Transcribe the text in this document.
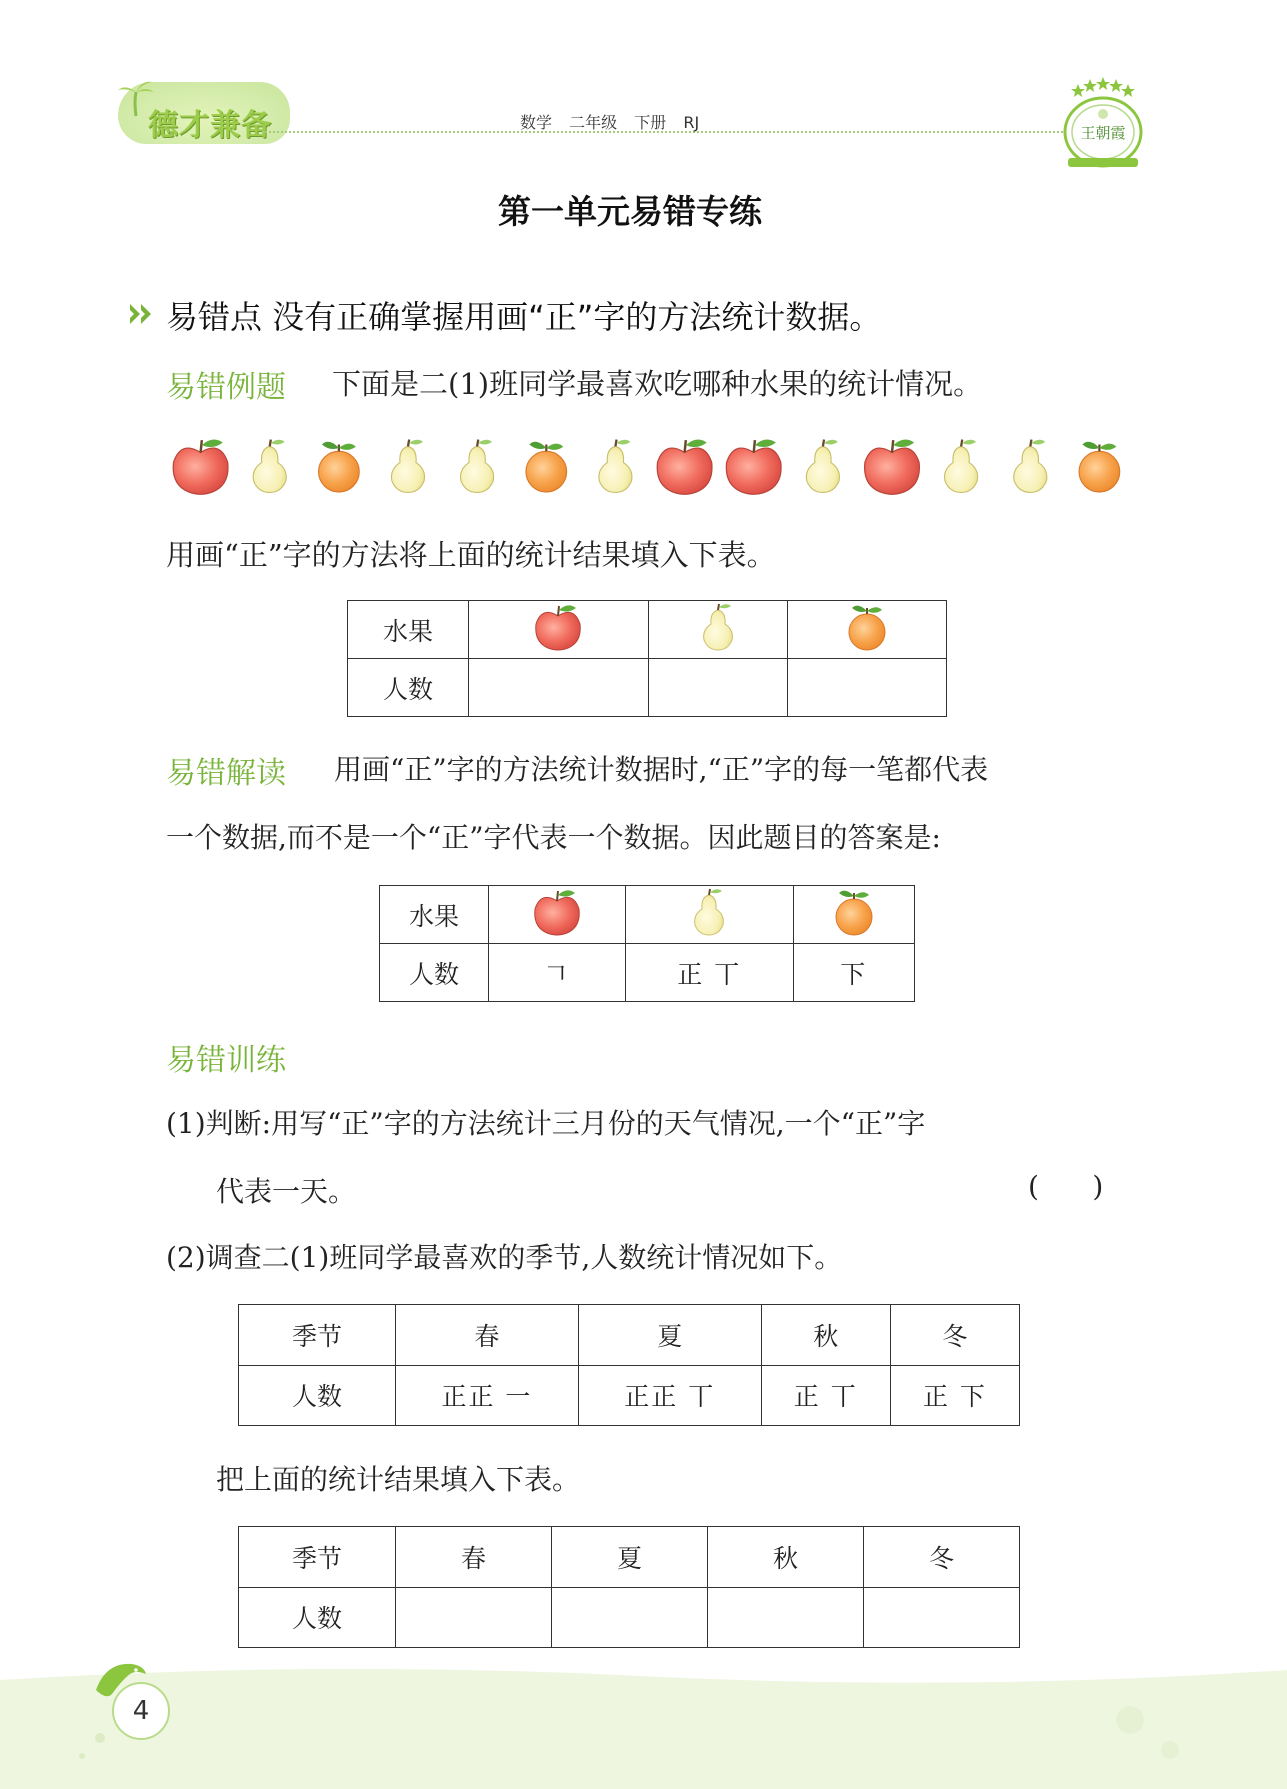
德才兼备	数学 二年级 下册 RJ
王朝霞
第一单元易错专练
易错点 没有正确掌握用画“正”字的方法统计数据。
易错例题 下面是二(1)班同学最喜欢吃哪种水果的统计情况。
用画“正”字的方法将上面的统计结果填入下表。
水果			
人数			
易错解读 用画“正”字的方法统计数据时,“正”字的每一笔都代表
一个数据,而不是一个“正”字代表一个数据。因此题目的答案是:
水果			
人数	𠃍	正 丅	下
易错训练
(1)判断:用写“正”字的方法统计三月份的天气情况,一个“正”字
代表一天。	(      )
(2)调查二(1)班同学最喜欢的季节,人数统计情况如下。
季节	春	夏	秋	冬
人数	正正 一	正正 丅	正 丅	正 下
把上面的统计结果填入下表。
季节	春	夏	秋	冬
人数				
4
